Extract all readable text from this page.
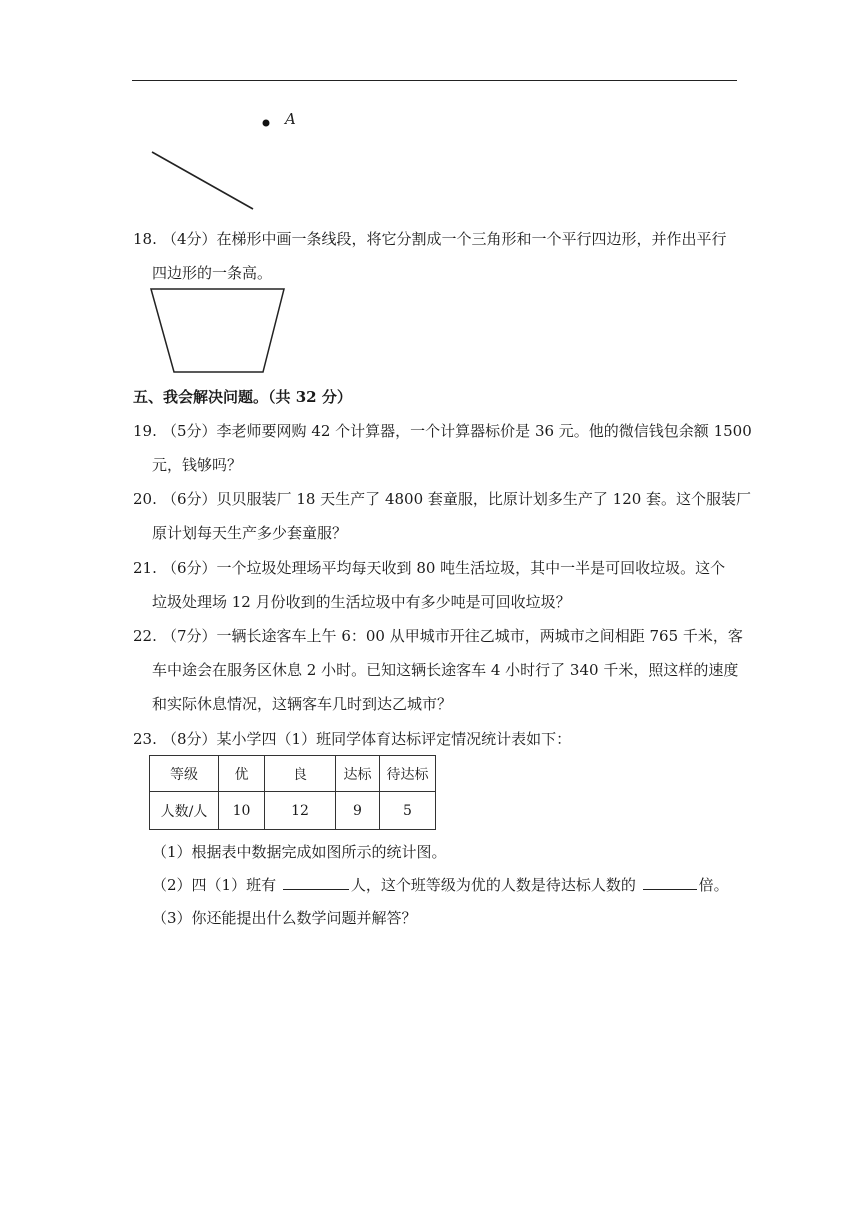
A
18. （4分）在梯形中画一条线段，将它分割成一个三角形和一个平行四边形，并作出平行
四边形的一条高。
五、我会解决问题。（共 32 分）
19. （5分）李老师要网购 42 个计算器，一个计算器标价是 36 元。他的微信钱包余额 1500
元，钱够吗？
20. （6分）贝贝服装厂 18 天生产了 4800 套童服，比原计划多生产了 120 套。这个服装厂
原计划每天生产多少套童服？
21. （6分）一个垃圾处理场平均每天收到 80 吨生活垃圾，其中一半是可回收垃圾。这个
垃圾处理场 12 月份收到的生活垃圾中有多少吨是可回收垃圾？
22. （7分）一辆长途客车上午 6：00 从甲城市开往乙城市，两城市之间相距 765 千米，客
车中途会在服务区休息 2 小时。已知这辆长途客车 4 小时行了 340 千米，照这样的速度
和实际休息情况，这辆客车几时到达乙城市？
23. （8分）某小学四（1）班同学体育达标评定情况统计表如下：
等级	优	良	达标	待达标
人数/人	10	12	9	5
（1）根据表中数据完成如图所示的统计图。
（2）四（1）班有	人，这个班等级为优的人数是待达标人数的	倍。
（3）你还能提出什么数学问题并解答？
